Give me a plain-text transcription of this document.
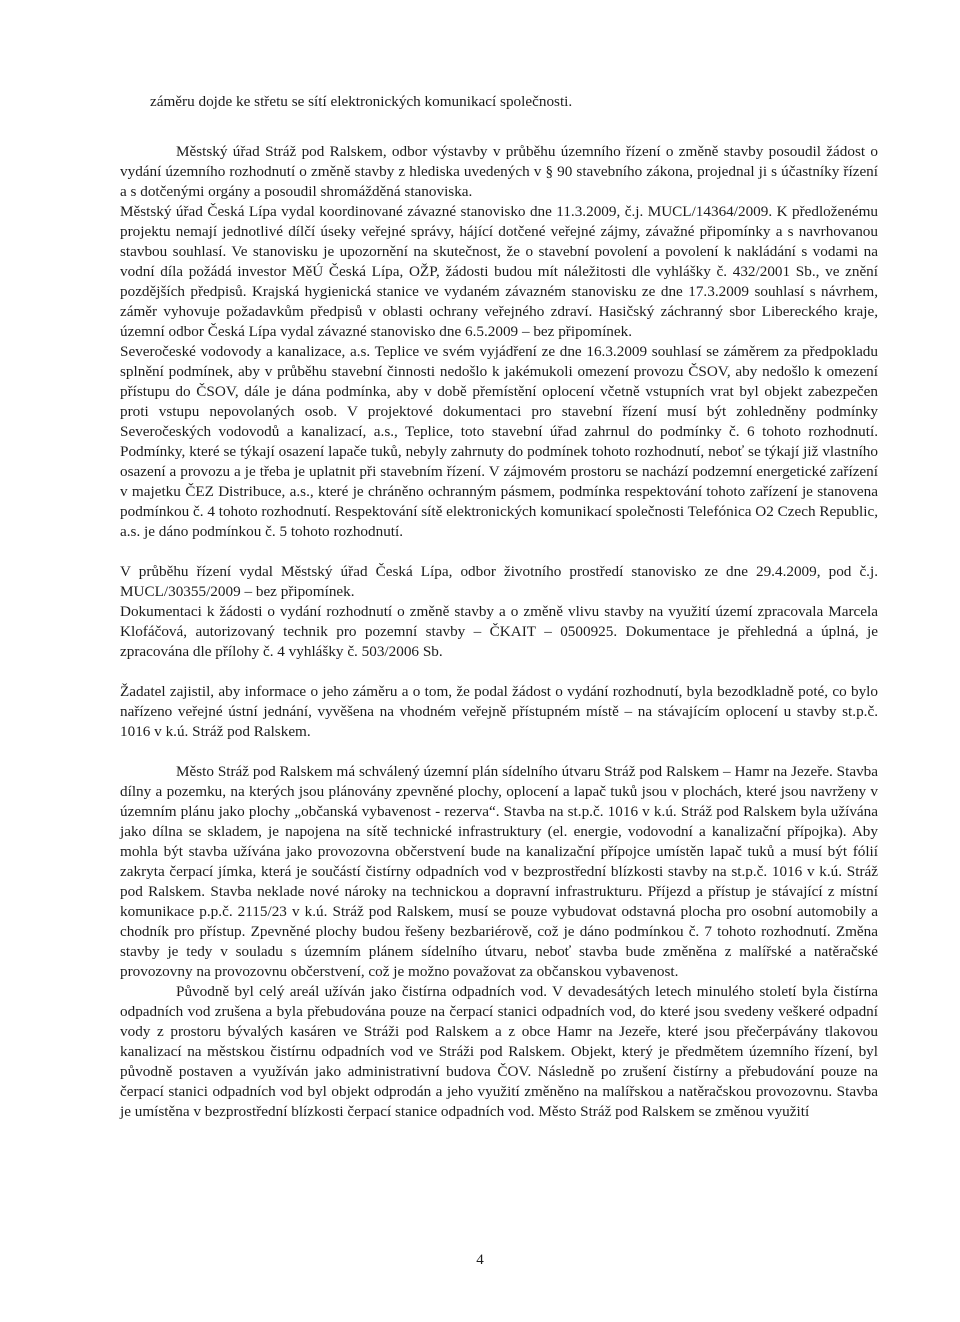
záměru dojde ke střetu se sítí elektronických komunikací společnosti.

Městský úřad Stráž pod Ralskem, odbor výstavby v průběhu územního řízení o změně stavby posoudil žádost o vydání územního rozhodnutí o změně stavby z hlediska uvedených v § 90 stavebního zákona, projednal ji s účastníky řízení a s dotčenými orgány a posoudil shromážděná stanoviska.

Městský úřad Česká Lípa vydal koordinované závazné stanovisko dne 11.3.2009, č.j. MUCL/14364/2009. K předloženému projektu nemají jednotlivé dílčí úseky veřejné správy, hájící dotčené veřejné zájmy, závažné připomínky a s navrhovanou stavbou souhlasí. Ve stanovisku je upozornění na skutečnost, že o stavební povolení a povolení k nakládání s vodami na vodní díla požádá investor MěÚ Česká Lípa, OŽP, žádosti budou mít náležitosti dle vyhlášky č. 432/2001 Sb., ve znění pozdějších předpisů. Krajská hygienická stanice ve vydaném závazném stanovisku ze dne 17.3.2009 souhlasí s návrhem, záměr vyhovuje požadavkům předpisů v oblasti ochrany veřejného zdraví. Hasičský záchranný sbor Libereckého kraje, územní odbor Česká Lípa vydal závazné stanovisko dne 6.5.2009 – bez připomínek.

Severočeské vodovody a kanalizace, a.s. Teplice ve svém vyjádření ze dne 16.3.2009 souhlasí se záměrem za předpokladu splnění podmínek, aby v průběhu stavební činnosti nedošlo k jakémukoli omezení provozu ČSOV, aby nedošlo k omezení přístupu do ČSOV, dále je dána podmínka, aby v době přemístění oplocení včetně vstupních vrat byl objekt zabezpečen proti vstupu nepovolaných osob. V projektové dokumentaci pro stavební řízení musí být zohledněny podmínky Severočeských vodovodů a kanalizací, a.s., Teplice, toto stavební úřad zahrnul do podmínky č. 6 tohoto rozhodnutí. Podmínky, které se týkají osazení lapače tuků, nebyly zahrnuty do podmínek tohoto rozhodnutí, neboť se týkají již vlastního osazení a provozu a je třeba je uplatnit při stavebním řízení. V zájmovém prostoru se nachází podzemní energetické zařízení v majetku ČEZ Distribuce, a.s., které je chráněno ochranným pásmem, podmínka respektování tohoto zařízení je stanovena podmínkou č. 4 tohoto rozhodnutí. Respektování sítě elektronických komunikací společnosti Telefónica O2 Czech Republic, a.s. je dáno podmínkou č. 5 tohoto rozhodnutí.

V průběhu řízení vydal Městský úřad Česká Lípa, odbor životního prostředí stanovisko ze dne 29.4.2009, pod č.j. MUCL/30355/2009 – bez připomínek.

Dokumentaci k žádosti o vydání rozhodnutí o změně stavby a o změně vlivu stavby na využití území zpracovala Marcela Klofáčová, autorizovaný technik pro pozemní stavby – ČKAIT – 0500925. Dokumentace je přehledná a úplná, je zpracována dle přílohy č. 4 vyhlášky č. 503/2006 Sb.

Žadatel zajistil, aby informace o jeho záměru a o tom, že podal žádost o vydání rozhodnutí, byla bezodkladně poté, co bylo nařízeno veřejné ústní jednání, vyvěšena na vhodném veřejně přístupném místě – na stávajícím oplocení u stavby st.p.č. 1016 v k.ú. Stráž pod Ralskem.

Město Stráž pod Ralskem má schválený územní plán sídelního útvaru Stráž pod Ralskem – Hamr na Jezeře. Stavba dílny a pozemku, na kterých jsou plánovány zpevněné plochy, oplocení a lapač tuků jsou v plochách, které jsou navrženy v územním plánu jako plochy „občanská vybavenost - rezerva“. Stavba na st.p.č. 1016 v k.ú. Stráž pod Ralskem byla užívána jako dílna se skladem, je napojena na sítě technické infrastruktury (el. energie, vodovodní a kanalizační přípojka). Aby mohla být stavba užívána jako provozovna občerstvení bude na kanalizační přípojce umístěn lapač tuků a musí být fólií zakryta čerpací jímka, která je součástí čistírny odpadních vod v bezprostřední blízkosti stavby na st.p.č. 1016 v k.ú. Stráž pod Ralskem. Stavba neklade nové nároky na technickou a dopravní infrastrukturu. Příjezd a přístup je stávající z místní komunikace p.p.č. 2115/23 v k.ú. Stráž pod Ralskem, musí se pouze vybudovat odstavná plocha pro osobní automobily a chodník pro přístup. Zpevněné plochy budou řešeny bezbariérově, což je dáno podmínkou č. 7 tohoto rozhodnutí. Změna stavby je tedy v souladu s územním plánem sídelního útvaru, neboť stavba bude změněna z malířské a natěračské provozovny na provozovnu občerstvení, což je možno považovat za občanskou vybavenost.

Původně byl celý areál užíván jako čistírna odpadních vod. V devadesátých letech minulého století byla čistírna odpadních vod zrušena a byla přebudována pouze na čerpací stanici odpadních vod, do které jsou svedeny veškeré odpadní vody z prostoru bývalých kasáren ve Stráži pod Ralskem a z obce Hamr na Jezeře, které jsou přečerpávány tlakovou kanalizací na městskou čistírnu odpadních vod ve Stráži pod Ralskem. Objekt, který je předmětem územního řízení, byl původně postaven a využíván jako administrativní budova ČOV. Následně po zrušení čistírny a přebudování pouze na čerpací stanici odpadních vod byl objekt odprodán a jeho využití změněno na malířskou a natěračskou provozovnu. Stavba je umístěna v bezprostřední blízkosti čerpací stanice odpadních vod. Město Stráž pod Ralskem se změnou využití

4
